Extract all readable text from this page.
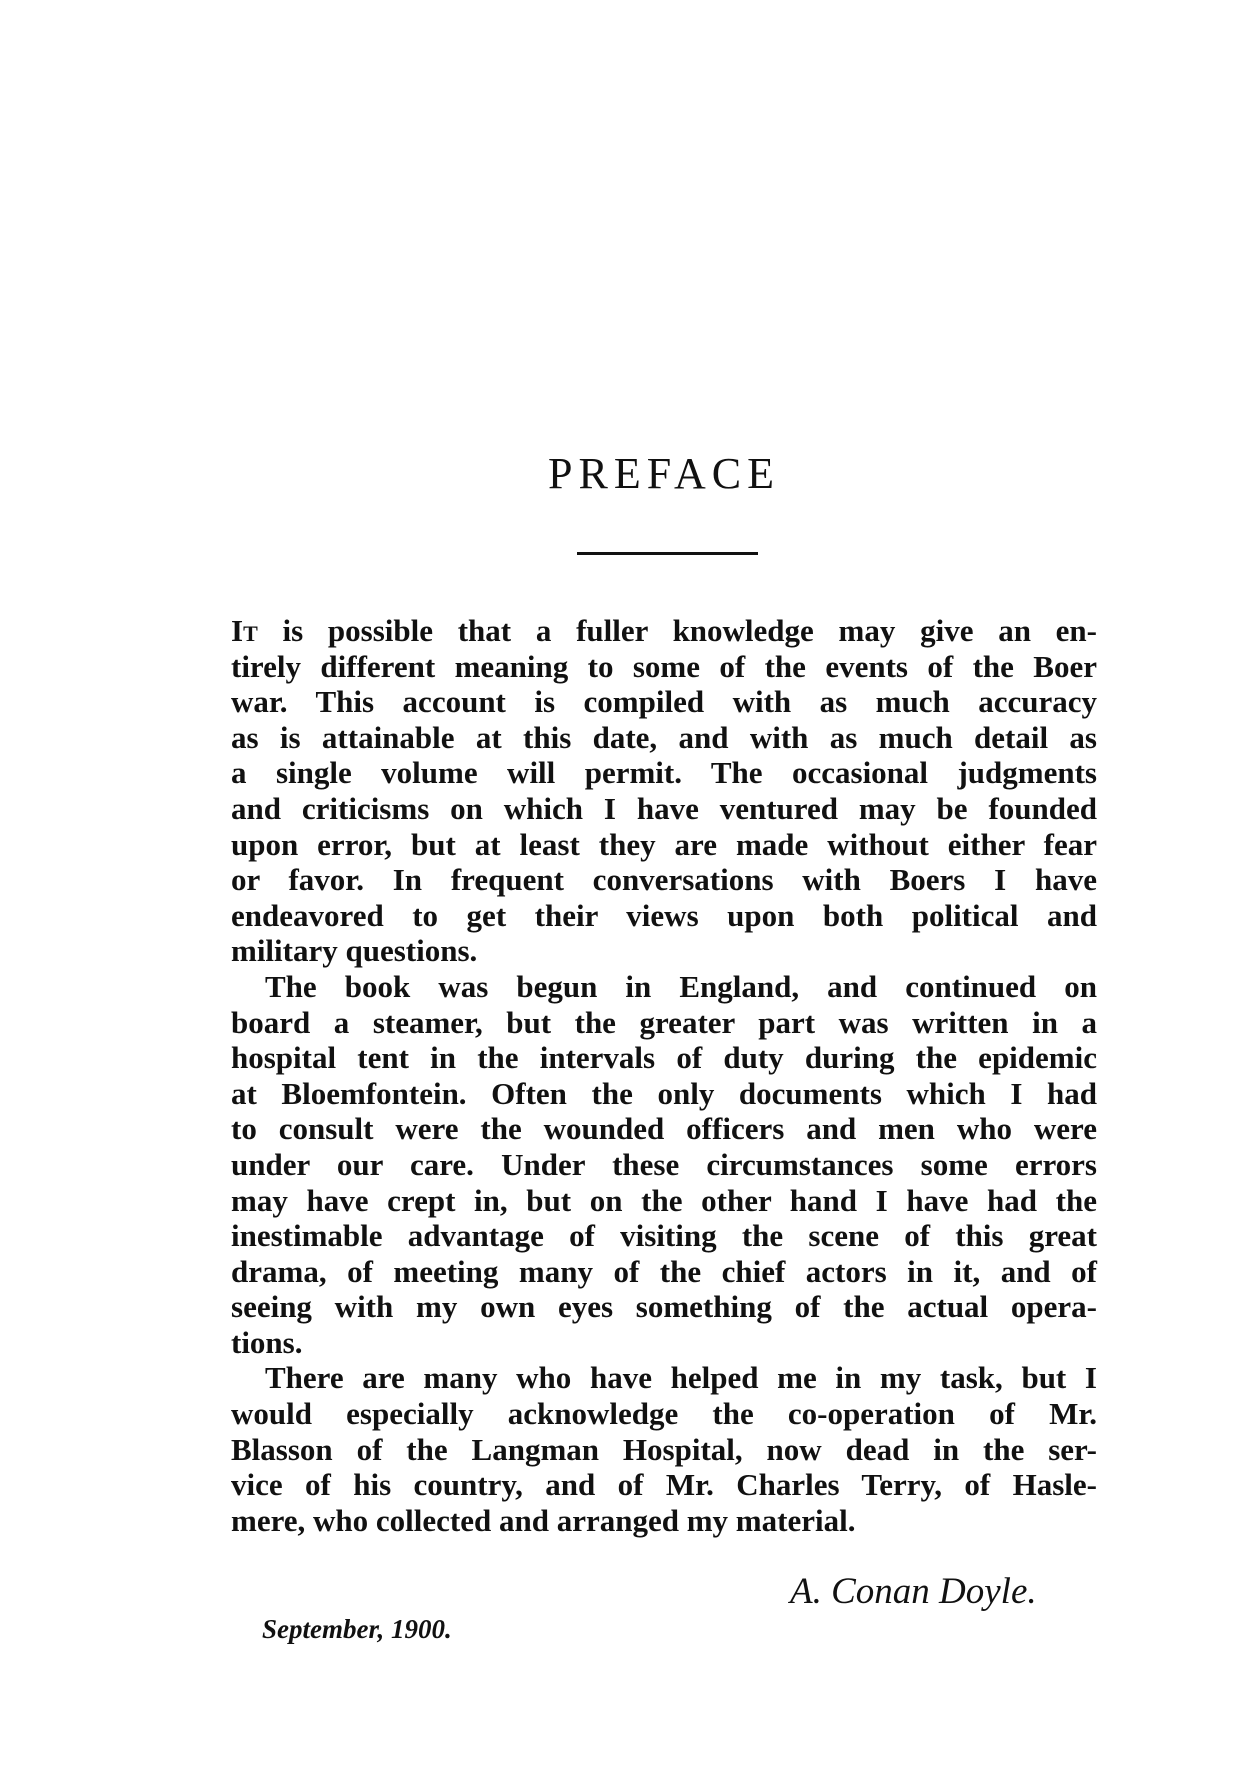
PREFACE
It is possible that a fuller knowledge may give an en-
tirely different meaning to some of the events of the Boer
war. This account is compiled with as much accuracy
as is attainable at this date, and with as much detail as
a single volume will permit. The occasional judgments
and criticisms on which I have ventured may be founded
upon error, but at least they are made without either fear
or favor. In frequent conversations with Boers I have
endeavored to get their views upon both political and
military questions.
The book was begun in England, and continued on
board a steamer, but the greater part was written in a
hospital tent in the intervals of duty during the epidemic
at Bloemfontein. Often the only documents which I had
to consult were the wounded officers and men who were
under our care. Under these circumstances some errors
may have crept in, but on the other hand I have had the
inestimable advantage of visiting the scene of this great
drama, of meeting many of the chief actors in it, and of
seeing with my own eyes something of the actual opera-
tions.
There are many who have helped me in my task, but I
would especially acknowledge the co-operation of Mr.
Blasson of the Langman Hospital, now dead in the ser-
vice of his country, and of Mr. Charles Terry, of Hasle-
mere, who collected and arranged my material.
A. Conan Doyle.
September, 1900.
